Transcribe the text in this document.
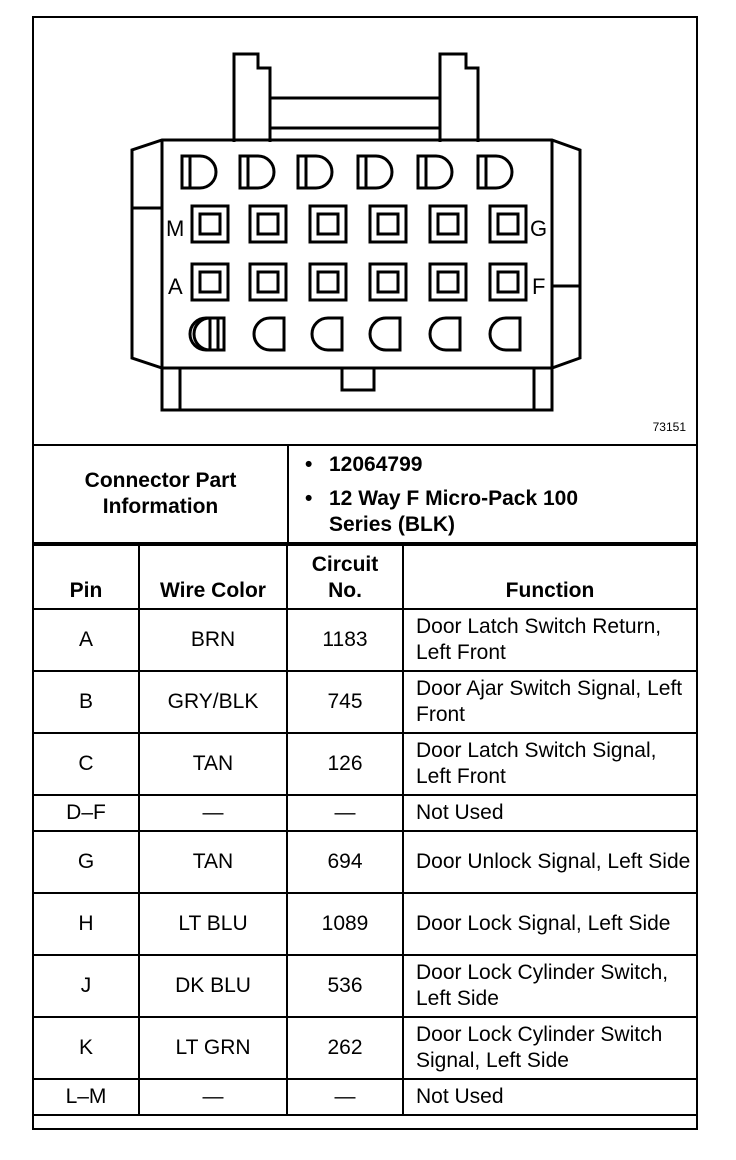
M	G
A	F
73151
Connector Part Information	
• 12064799
• 12 Way F Micro-Pack 100 Series (BLK)
Pin	Wire Color	Circuit No.	Function
A	BRN	1183	Door Latch Switch Return, Left Front
B	GRY/BLK	745	Door Ajar Switch Signal, Left Front
C	TAN	126	Door Latch Switch Signal, Left Front
D–F	—	—	Not Used
G	TAN	694	Door Unlock Signal, Left Side
H	LT BLU	1089	Door Lock Signal, Left Side
J	DK BLU	536	Door Lock Cylinder Switch, Left Side
K	LT GRN	262	Door Lock Cylinder Switch Signal, Left Side
L–M	—	—	Not Used
